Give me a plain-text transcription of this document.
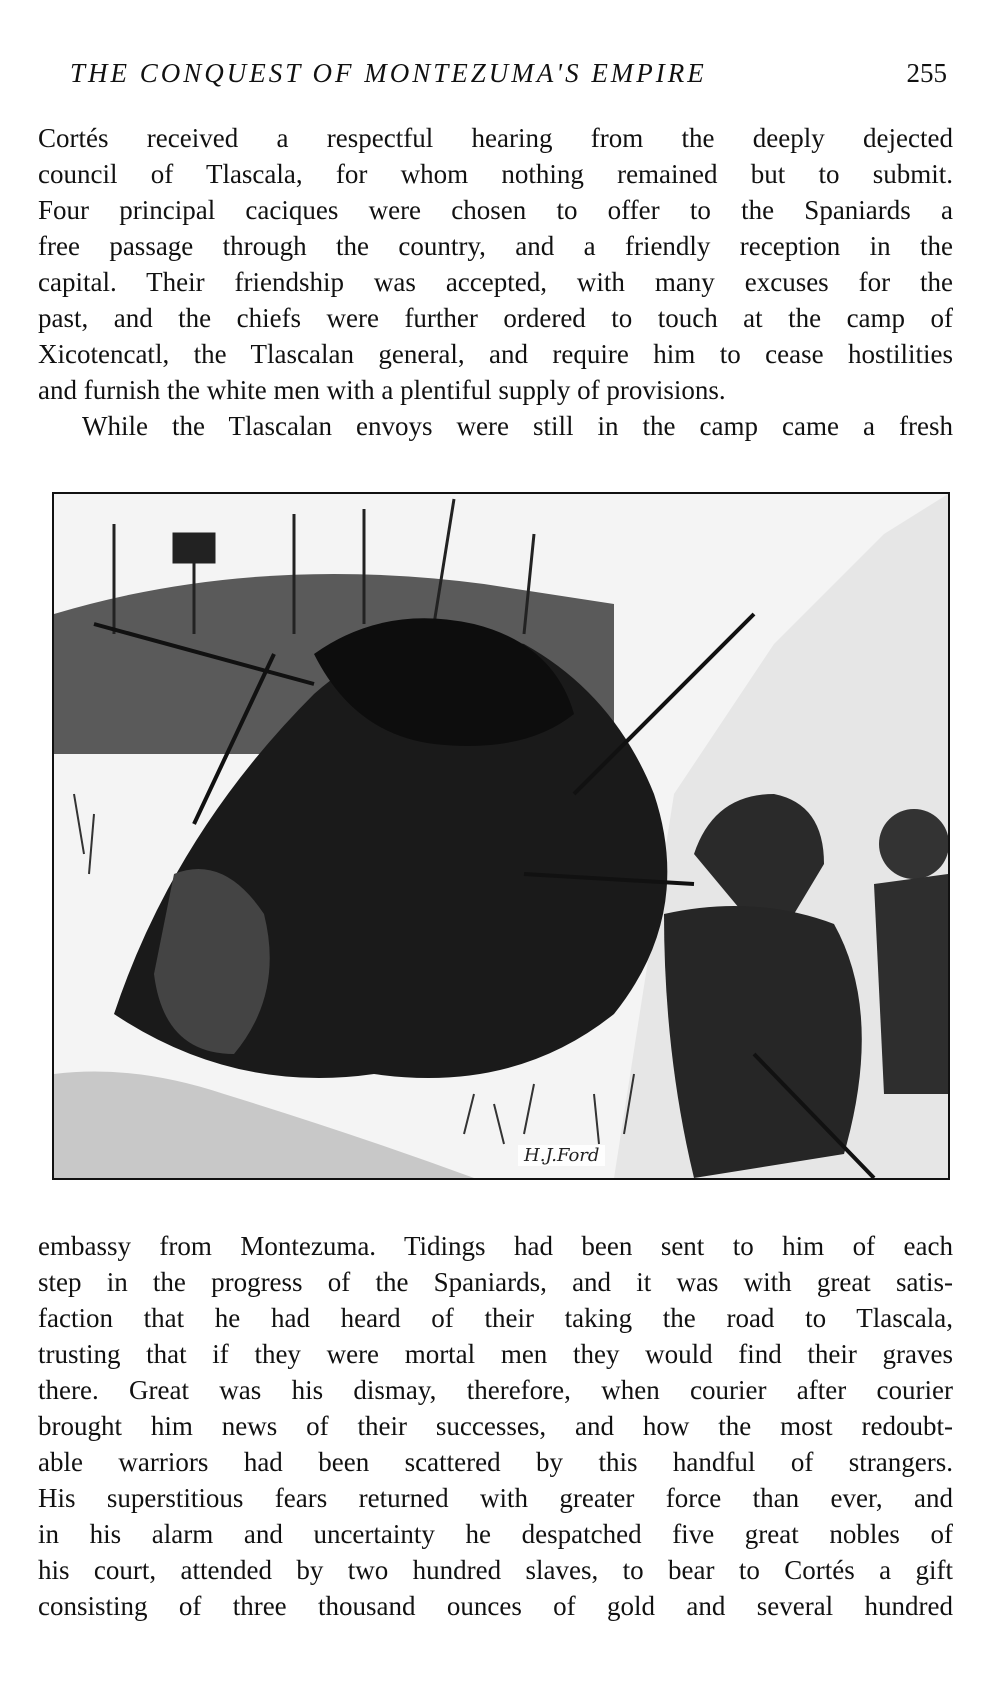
THE CONQUEST OF MONTEZUMA'S EMPIRE	255
Cortés received a respectful hearing from the deeply dejected
council of Tlascala, for whom nothing remained but to submit.
Four principal caciques were chosen to offer to the Spaniards a
free passage through the country, and a friendly reception in the
capital. Their friendship was accepted, with many excuses for the
past, and the chiefs were further ordered to touch at the camp of
Xicotencatl, the Tlascalan general, and require him to cease hostilities
and furnish the white men with a plentiful supply of provisions.
While the Tlascalan envoys were still in the camp came a fresh
H.J.Ford
embassy from Montezuma. Tidings had been sent to him of each
step in the progress of the Spaniards, and it was with great satis-
faction that he had heard of their taking the road to Tlascala,
trusting that if they were mortal men they would find their graves
there. Great was his dismay, therefore, when courier after courier
brought him news of their successes, and how the most redoubt-
able warriors had been scattered by this handful of strangers.
His superstitious fears returned with greater force than ever, and
in his alarm and uncertainty he despatched five great nobles of
his court, attended by two hundred slaves, to bear to Cortés a gift
consisting of three thousand ounces of gold and several hundred
